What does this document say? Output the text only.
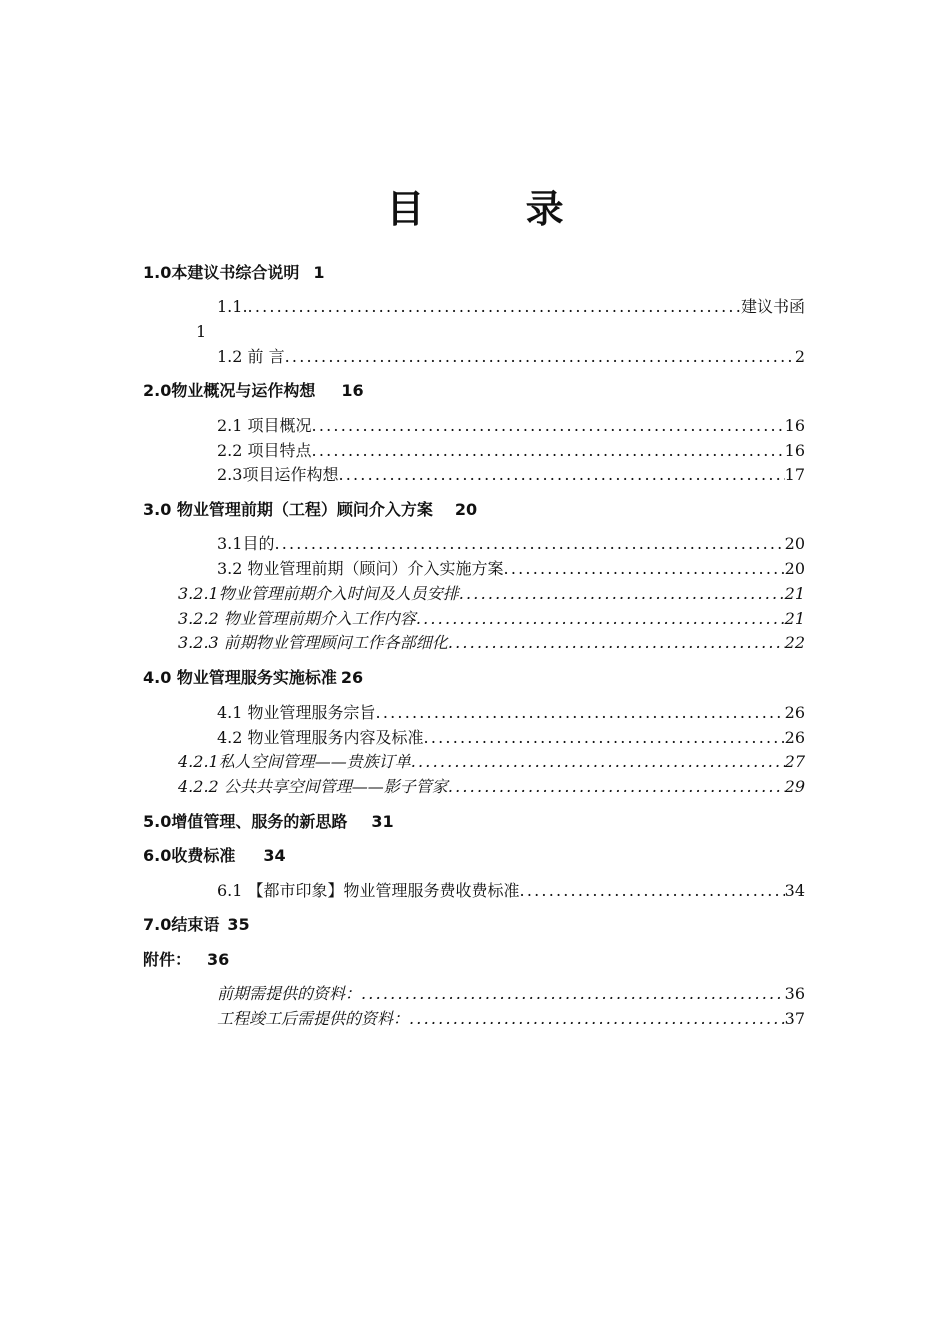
目 录
1.0本建议书综合说明 1
1.1. .....	建议书函
1
1.2 前 言 .....	2
2.0物业概况与运作构想 16
2.1 项目概况 .....	16
2.2 项目特点 .....	16
2.3项目运作构想 .....	17
3.0 物业管理前期（工程）顾问介入方案 20
3.1目的 .....	20
3.2 物业管理前期（顾问）介入实施方案 .....	20
3.2.1物业管理前期介入时间及人员安排 .....	21
3.2.2 物业管理前期介入工作内容 .....	21
3.2.3 前期物业管理顾问工作各部细化 .....	22
4.0 物业管理服务实施标准 26
4.1 物业管理服务宗旨 .....	26
4.2 物业管理服务内容及标准 .....	26
4.2.1私人空间管理——贵族订单 .....	27
4.2.2 公共共享空间管理——影子管家 .....	29
5.0增值管理、服务的新思路 31
6.0收费标准 34
6.1 【都市印象】物业管理服务费收费标准 .....	34
7.0结束语 35
附件： 36
前期需提供的资料： .....	36
工程竣工后需提供的资料： .....	37
